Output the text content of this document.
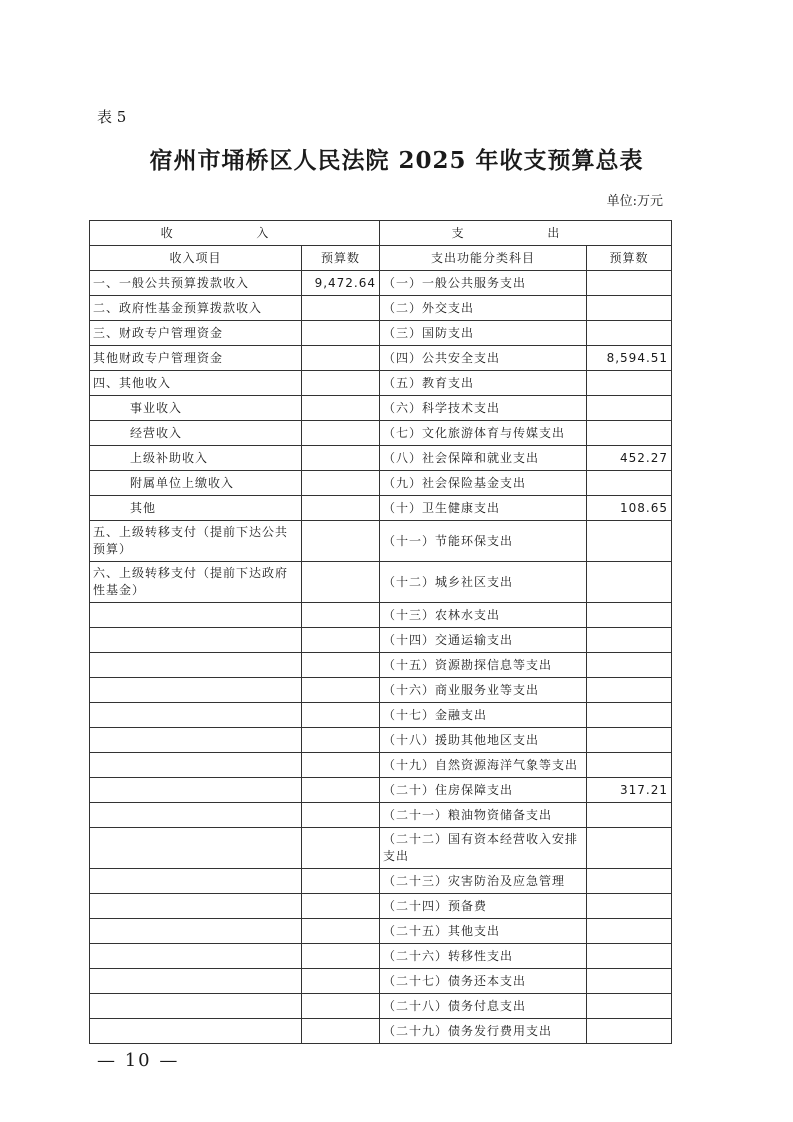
表 5
宿州市埇桥区人民法院 2025 年收支预算总表
单位:万元
收 入		支 出	
收入项目	预算数	支出功能分类科目	预算数
一、一般公共预算拨款收入	9,472.64	（一）一般公共服务支出	
二、政府性基金预算拨款收入		（二）外交支出	
三、财政专户管理资金		（三）国防支出	
其他财政专户管理资金		（四）公共安全支出	8,594.51
四、其他收入		（五）教育支出	
事业收入		（六）科学技术支出	
经营收入		（七）文化旅游体育与传媒支出	
上级补助收入		（八）社会保障和就业支出	452.27
附属单位上缴收入		（九）社会保险基金支出	
其他		（十）卫生健康支出	108.65
五、上级转移支付（提前下达公共预算）		（十一）节能环保支出	
六、上级转移支付（提前下达政府性基金）		（十二）城乡社区支出	
		（十三）农林水支出	
		（十四）交通运输支出	
		（十五）资源勘探信息等支出	
		（十六）商业服务业等支出	
		（十七）金融支出	
		（十八）援助其他地区支出	
		（十九）自然资源海洋气象等支出	
		（二十）住房保障支出	317.21
		（二十一）粮油物资储备支出	
		（二十二）国有资本经营收入安排支出	
		（二十三）灾害防治及应急管理	
		（二十四）预备费	
		（二十五）其他支出	
		（二十六）转移性支出	
		（二十七）债务还本支出	
		（二十八）债务付息支出	
		（二十九）债务发行费用支出	
— 10 —
